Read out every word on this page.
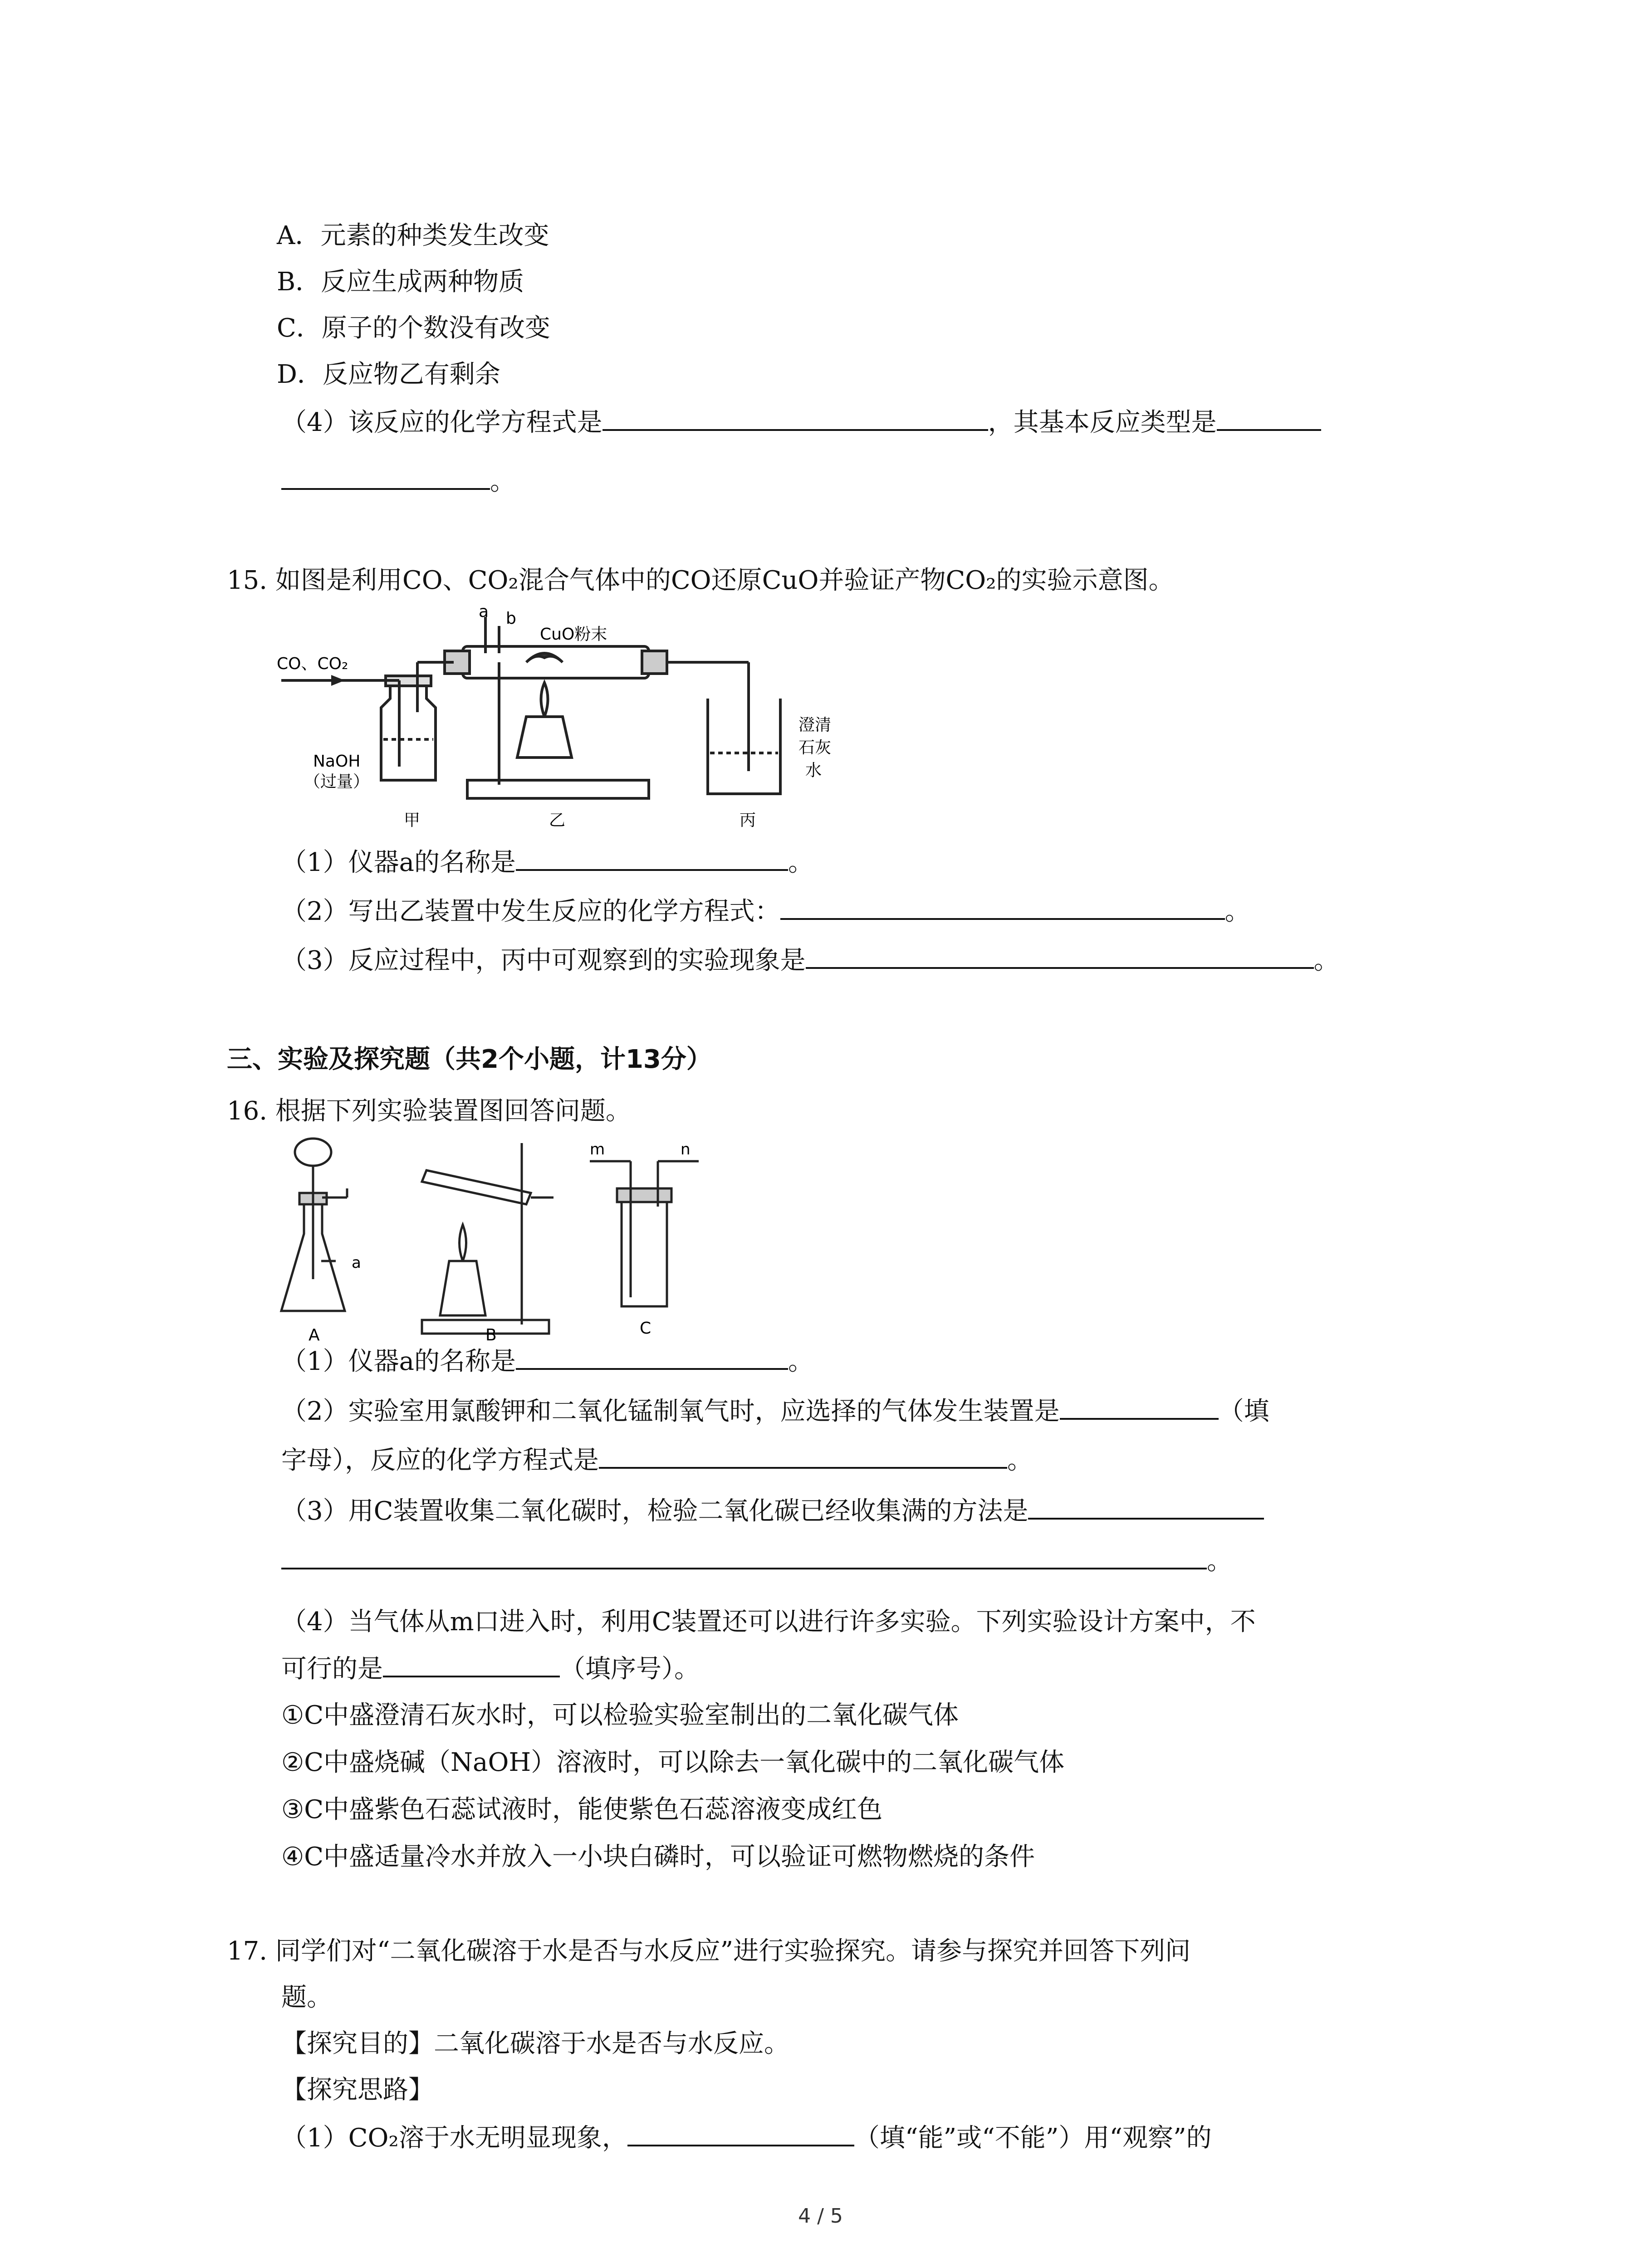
A．元素的种类发生改变
B．反应生成两种物质
C．原子的个数没有改变
D．反应物乙有剩余
（4）该反应的化学方程式是	，其基本反应类型是
。
15. 如图是利用CO、CO₂混合气体中的CO还原CuO并验证产物CO₂的实验示意图。
CO、CO₂
a b
CuO粉末
NaOH
（过量）
澄清
石灰
水
甲	乙	丙
（1）仪器a的名称是	。
（2）写出乙装置中发生反应的化学方程式：	。
（3）反应过程中，丙中可观察到的实验现象是	。
三、实验及探究题（共2个小题，计13分）
16. 根据下列实验装置图回答问题。
a
m	n
A	B	C
（1）仪器a的名称是	。
（2）实验室用氯酸钾和二氧化锰制氧气时，应选择的气体发生装置是	（填
字母），反应的化学方程式是	。
（3）用C装置收集二氧化碳时，检验二氧化碳已经收集满的方法是
。
（4）当气体从m口进入时，利用C装置还可以进行许多实验。下列实验设计方案中，不
可行的是	（填序号）。
①C中盛澄清石灰水时，可以检验实验室制出的二氧化碳气体
②C中盛烧碱（NaOH）溶液时，可以除去一氧化碳中的二氧化碳气体
③C中盛紫色石蕊试液时，能使紫色石蕊溶液变成红色
④C中盛适量冷水并放入一小块白磷时，可以验证可燃物燃烧的条件
17. 同学们对“二氧化碳溶于水是否与水反应”进行实验探究。请参与探究并回答下列问
题。
【探究目的】二氧化碳溶于水是否与水反应。
【探究思路】
（1）CO₂溶于水无明显现象，	（填“能”或“不能”）用“观察”的
4 / 5
